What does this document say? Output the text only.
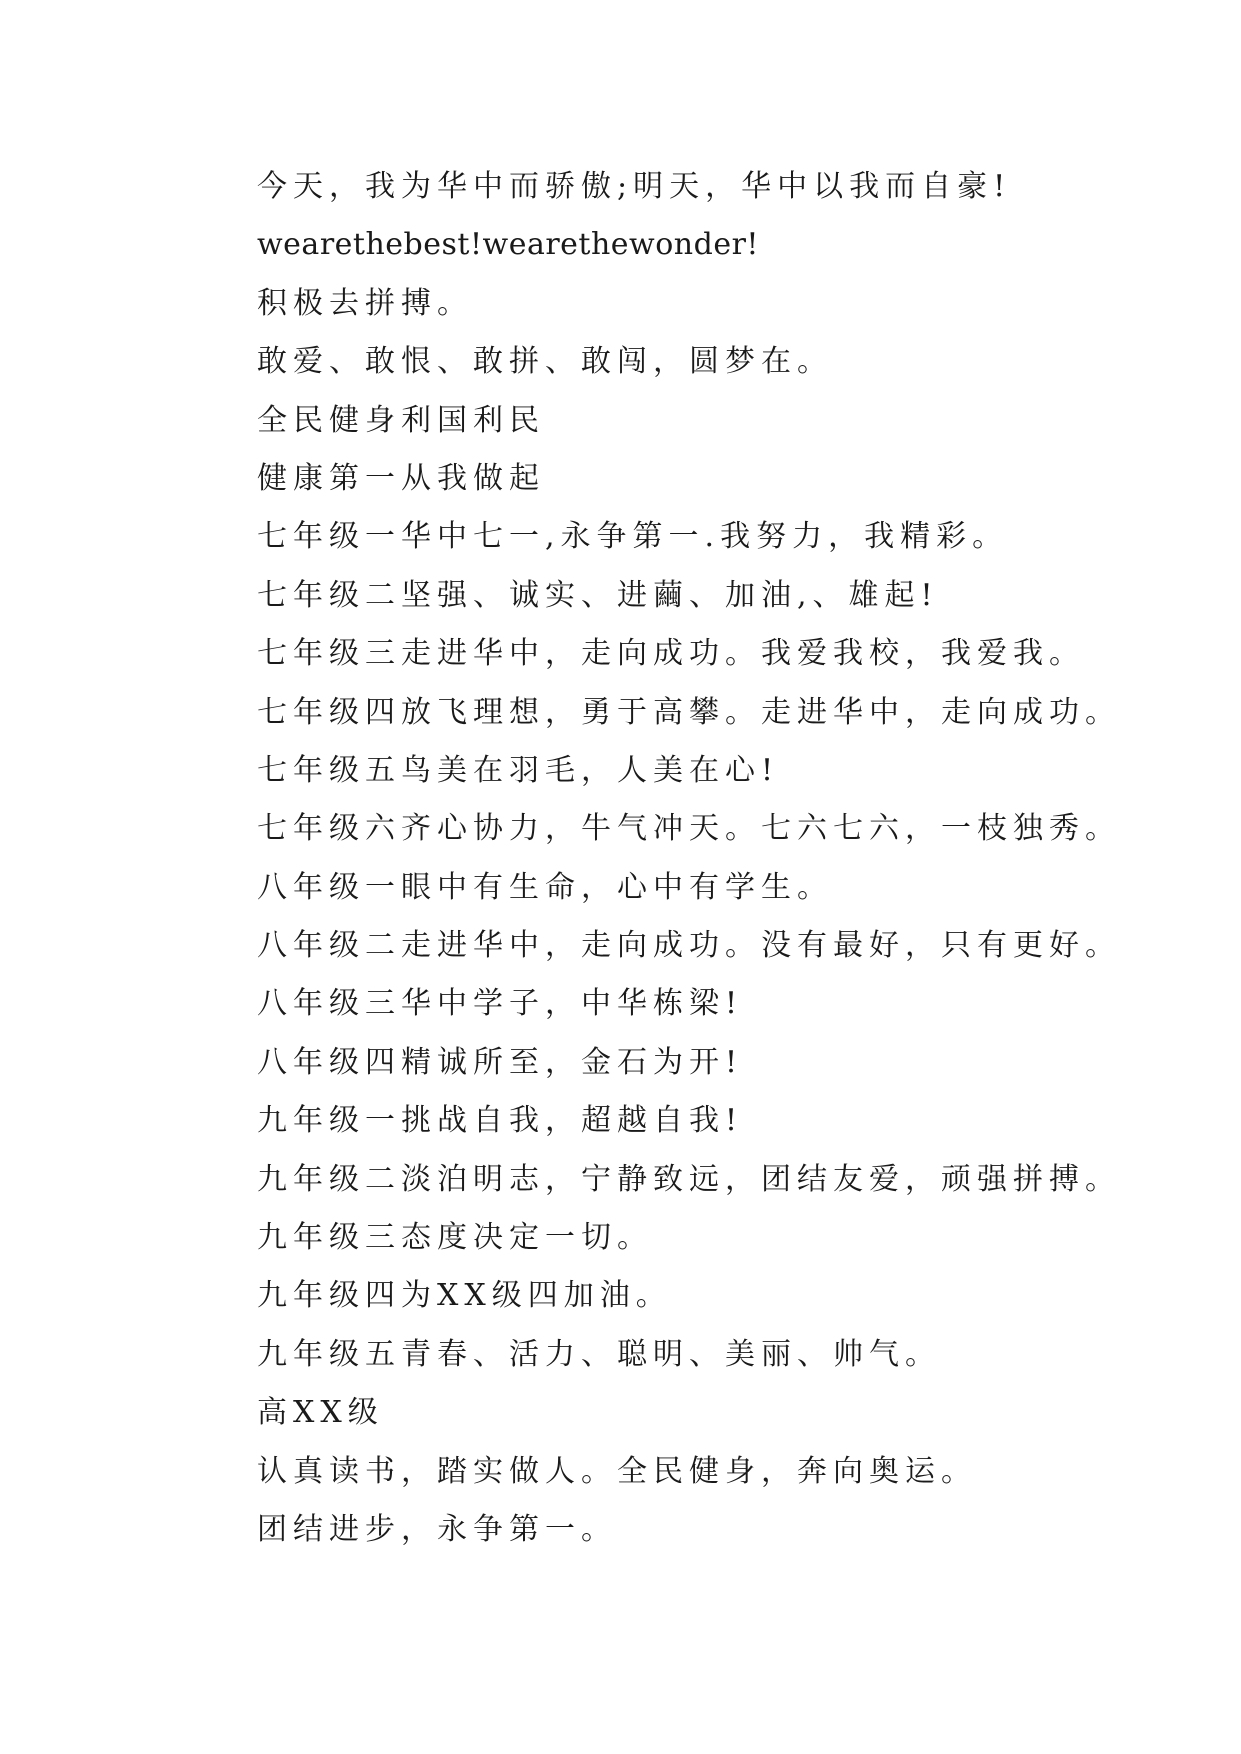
今天，我为华中而骄傲;明天，华中以我而自豪!
wearethebest!wearethewonder!
积极去拼搏。
敢爱、敢恨、敢拼、敢闯，圆梦在。
全民健身利国利民
健康第一从我做起
七年级一华中七一,永争第一.我努力，我精彩。
七年级二坚强、诚实、进繭、加油,、雄起!
七年级三走进华中，走向成功。我爱我校，我爱我。
七年级四放飞理想，勇于高攀。走进华中，走向成功。
七年级五鸟美在羽毛，人美在心!
七年级六齐心协力，牛气冲天。七六七六，一枝独秀。
八年级一眼中有生命，心中有学生。
八年级二走进华中，走向成功。没有最好，只有更好。
八年级三华中学子，中华栋梁!
八年级四精诚所至，金石为开!
九年级一挑战自我，超越自我!
九年级二淡泊明志，宁静致远，团结友爱，顽强拼搏。
九年级三态度决定一切。
九年级四为XX级四加油。
九年级五青春、活力、聪明、美丽、帅气。
高XX级
认真读书，踏实做人。全民健身，奔向奥运。
团结进步，永争第一。
